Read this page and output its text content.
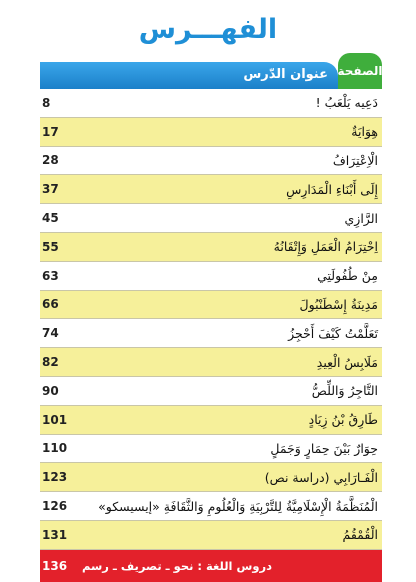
الفهـــرس
عنوان الدّرس الصفحة
8	دَعِيه يَلْعَبُ !
17	هِوَايَةٌ
28	الْاِعْتِرَافُ
37	إِلَى أَبْنَاءِ الْمَدَارِسِ
45	الرَّازِي
55	اِحْتِرَامُ الْعَمَلِ وَإِتْقَانُهُ
63	مِنْ طُفُولَتِي
66	مَدِينَةُ إِسْطَنْبُولَ
74	تَعَلَّمْتُ كَيْفَ أَحْجِزُ
82	مَلَابِسُ الْعِيدِ
90	التَّاجِرُ وَاللِّصُّ
101	طَارِقُ بْنُ زِيَادٍ
110	حِوَارٌ بَيْنَ حِمَارٍ وَجَمَلٍ
123	الْفَـارَابِي (دراسة نص)
126	الْمُنَظَّمَةُ الْإِسْلَامِيَّةُ لِلتَّرْبِيَةِ وَالْعُلُومِ وَالثَّقَافَةِ «إيسيسكو»
131	الْقُمْقُمُ
136	دروس اللغة : نحو ـ تصريف ـ رسم
